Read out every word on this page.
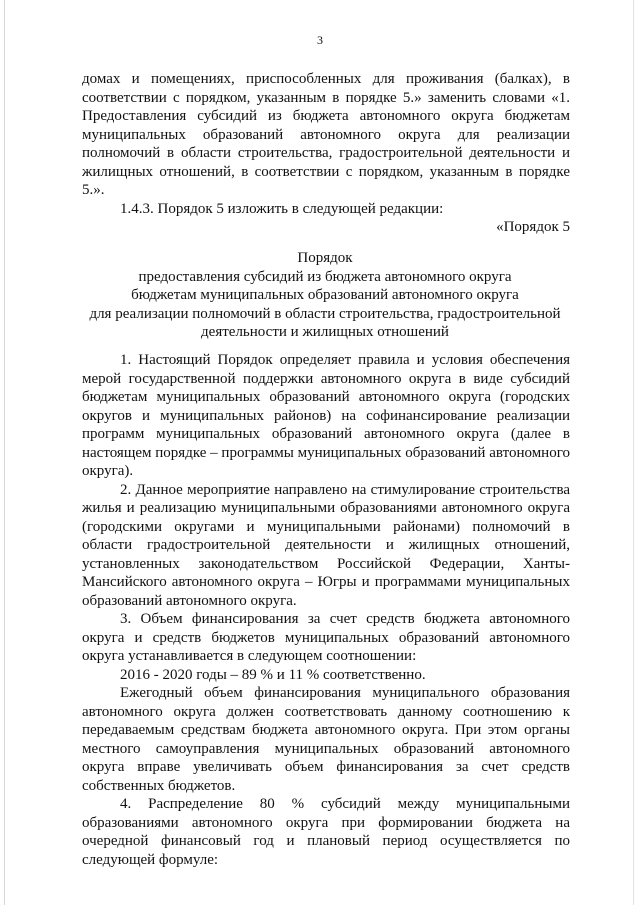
3
домах и помещениях, приспособленных для проживания (балках), в соответствии с порядком, указанным в порядке 5.» заменить словами «1. Предоставления субсидий из бюджета автономного округа бюджетам муниципальных образований автономного округа для реализации полномочий в области строительства, градостроительной деятельности и жилищных отношений, в соответствии с порядком, указанным в порядке 5.».
1.4.3. Порядок 5 изложить в следующей редакции:
«Порядок 5
Порядок
предоставления субсидий из бюджета автономного округа
бюджетам муниципальных образований автономного округа
для реализации полномочий в области строительства, градостроительной
деятельности и жилищных отношений
1. Настоящий Порядок определяет правила и условия обеспечения мерой государственной поддержки автономного округа в виде субсидий бюджетам муниципальных образований автономного округа (городских округов и муниципальных районов) на софинансирование реализации программ муниципальных образований автономного округа (далее в настоящем порядке – программы муниципальных образований автономного округа).
2. Данное мероприятие направлено на стимулирование строительства жилья и реализацию муниципальными образованиями автономного округа (городскими округами и муниципальными районами) полномочий в области градостроительной деятельности и жилищных отношений, установленных законодательством Российской Федерации, Ханты-Мансийского автономного округа – Югры и программами муниципальных образований автономного округа.
3. Объем финансирования за счет средств бюджета автономного округа и средств бюджетов муниципальных образований автономного округа устанавливается в следующем соотношении:
2016 - 2020 годы – 89 % и 11 % соответственно.
Ежегодный объем финансирования муниципального образования автономного округа должен соответствовать данному соотношению к передаваемым средствам бюджета автономного округа. При этом органы местного самоуправления муниципальных образований автономного округа вправе увеличивать объем финансирования за счет средств собственных бюджетов.
4. Распределение 80 % субсидий между муниципальными образованиями автономного округа при формировании бюджета на очередной финансовый год и плановый период осуществляется по следующей формуле:
